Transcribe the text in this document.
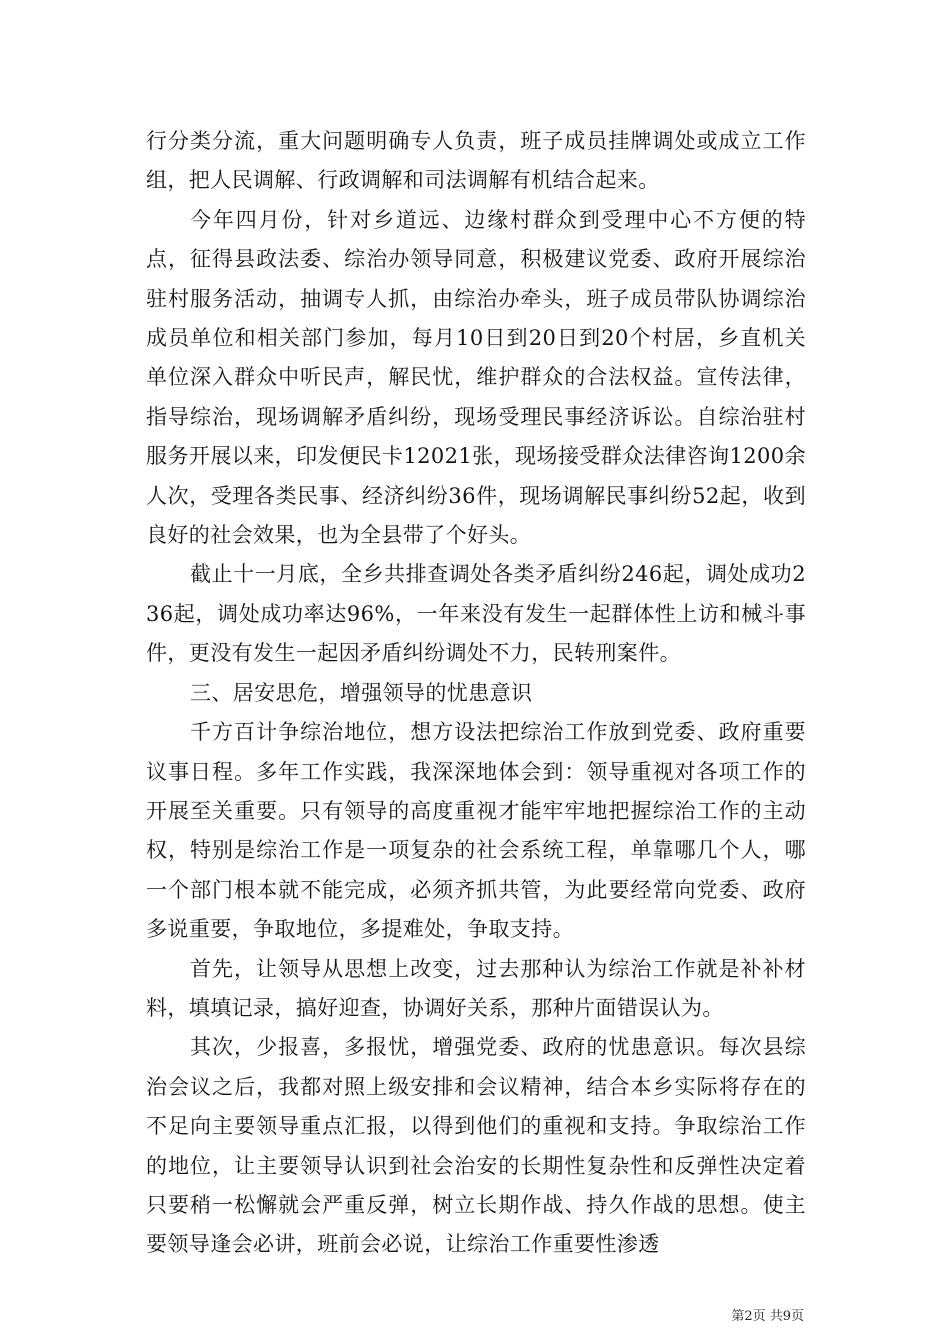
行分类分流，重大问题明确专人负责，班子成员挂牌调处或成立工作组，把人民调解、行政调解和司法调解有机结合起来。

今年四月份，针对乡道远、边缘村群众到受理中心不方便的特点，征得县政法委、综治办领导同意，积极建议党委、政府开展综治驻村服务活动，抽调专人抓，由综治办牵头，班子成员带队协调综治成员单位和相关部门参加，每月10日到20日到20个村居，乡直机关单位深入群众中听民声，解民忧，维护群众的合法权益。宣传法律，指导综治，现场调解矛盾纠纷，现场受理民事经济诉讼。自综治驻村服务开展以来，印发便民卡12021张，现场接受群众法律咨询1200余人次，受理各类民事、经济纠纷36件，现场调解民事纠纷52起，收到良好的社会效果，也为全县带了个好头。

截止十一月底，全乡共排查调处各类矛盾纠纷246起，调处成功236起，调处成功率达96%，一年来没有发生一起群体性上访和械斗事件，更没有发生一起因矛盾纠纷调处不力，民转刑案件。

三、居安思危，增强领导的忧患意识

千方百计争综治地位，想方设法把综治工作放到党委、政府重要议事日程。多年工作实践，我深深地体会到：领导重视对各项工作的开展至关重要。只有领导的高度重视才能牢牢地把握综治工作的主动权，特别是综治工作是一项复杂的社会系统工程，单靠哪几个人，哪一个部门根本就不能完成，必须齐抓共管，为此要经常向党委、政府多说重要，争取地位，多提难处，争取支持。

首先，让领导从思想上改变，过去那种认为综治工作就是补补材料，填填记录，搞好迎查，协调好关系，那种片面错误认为。

其次，少报喜，多报忧，增强党委、政府的忧患意识。每次县综治会议之后，我都对照上级安排和会议精神，结合本乡实际将存在的不足向主要领导重点汇报，以得到他们的重视和支持。争取综治工作的地位，让主要领导认识到社会治安的长期性复杂性和反弹性决定着只要稍一松懈就会严重反弹，树立长期作战、持久作战的思想。使主要领导逢会必讲，班前会必说，让综治工作重要性渗透

第2页 共9页
